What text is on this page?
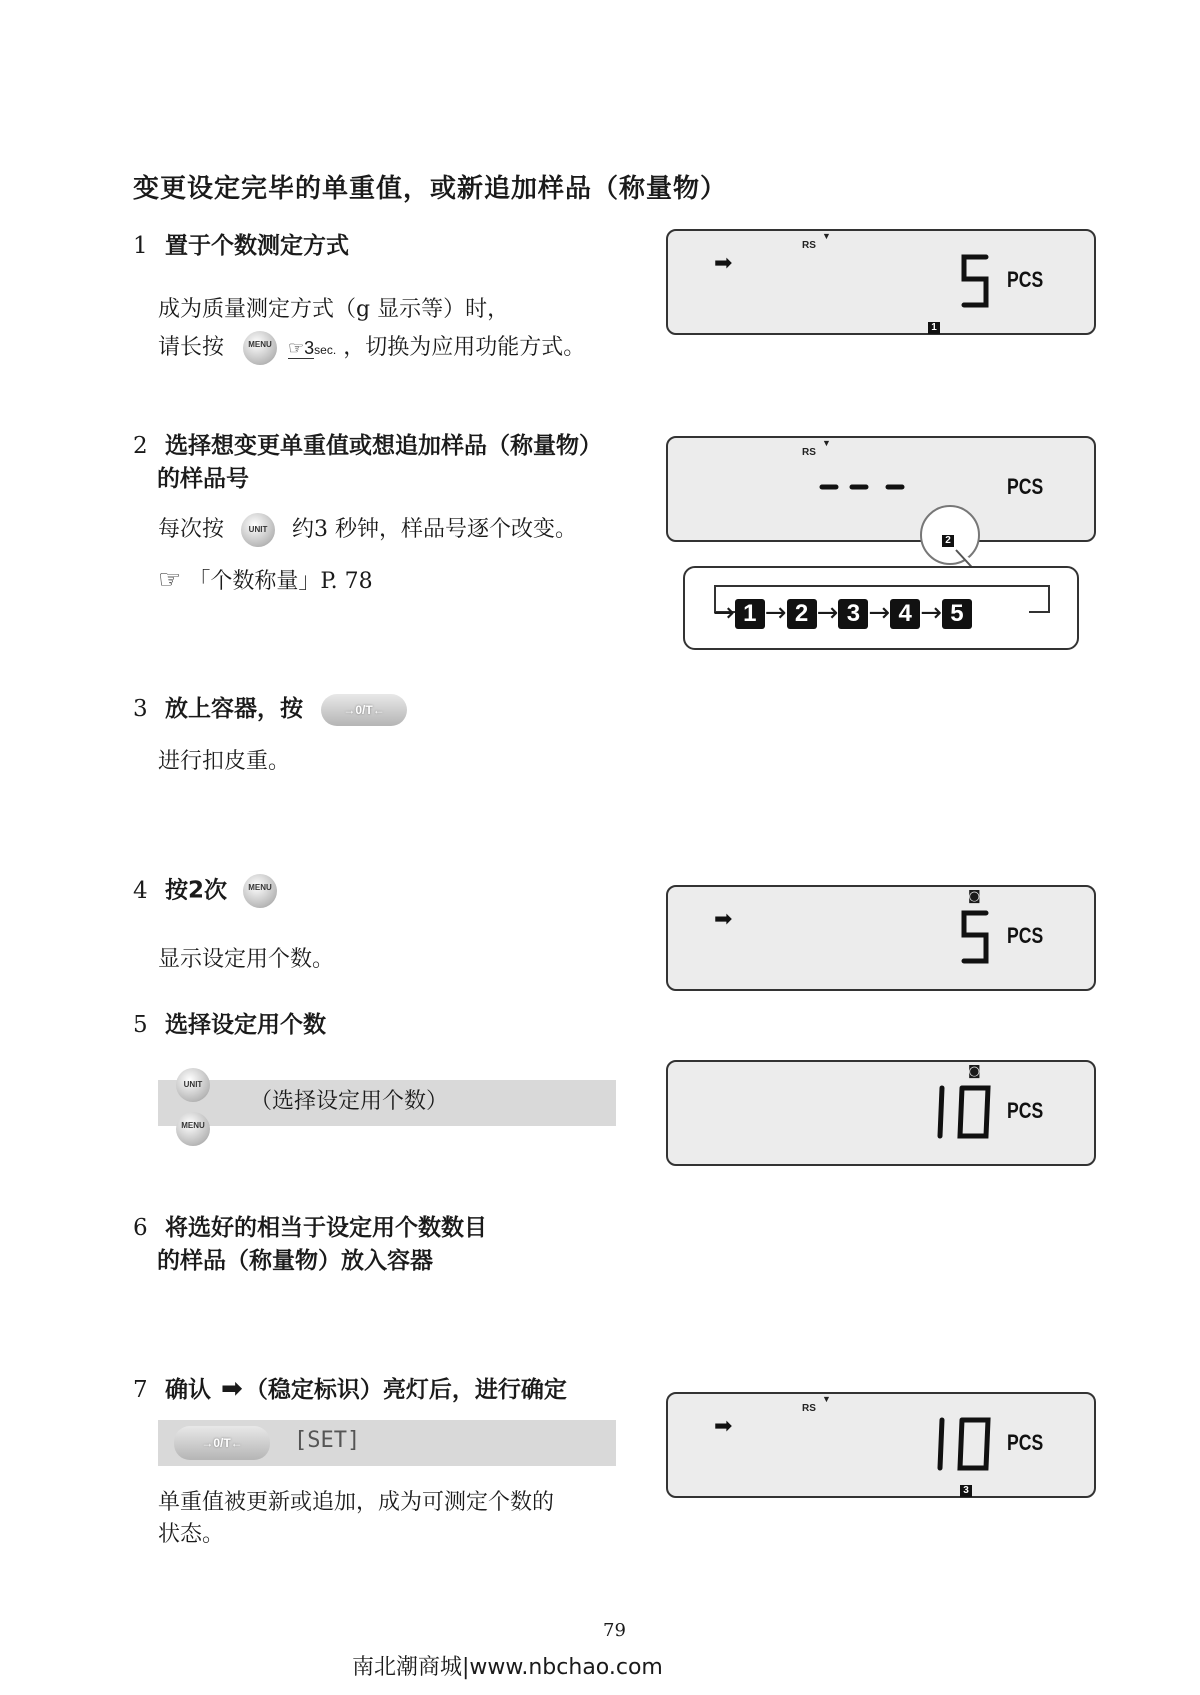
变更设定完毕的单重值，或新追加样品（称量物）
1 置于个数测定方式
成为质量测定方式（g 显示等）时，
请长按	MENU ☞3sec. ，切换为应用功能方式。
➡
▼
RS
PCS
1
2 选择想变更单重值或想追加样品（称量物）
的样品号
每次按	UNIT 约3 秒钟，样品号逐个改变。
☞ 「个数称量」P. 78
▼
RS
PCS
2
→ 1 → 2 → 3 → 4 → 5
3 放上容器，按	→0/T←
进行扣皮重。
4 按2次	MENU
显示设定用个数。
➡
◙
PCS
5 选择设定用个数
（选择设定用个数）
UNIT
MENU
◙
PCS
6 将选好的相当于设定用个数数目
的样品（称量物）放入容器
7 确认 ➡（稳定标识）亮灯后，进行确定
→0/T←	[SET]
单重值被更新或追加，成为可测定个数的
状态。
➡
▼
RS
PCS
3
79
南北潮商城|www.nbchao.com
